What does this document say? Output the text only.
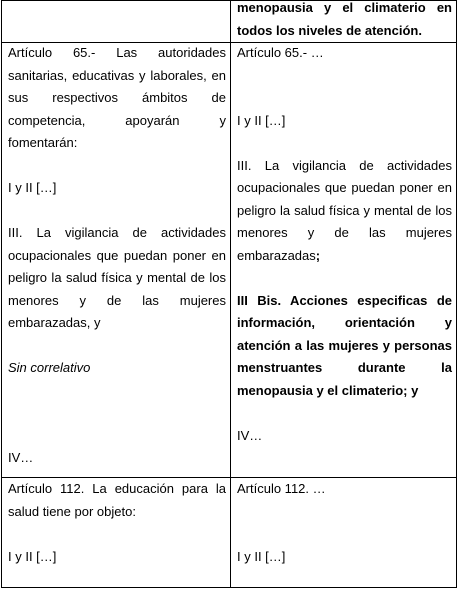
menopausia y el climaterio en todos los niveles de atención.

Artículo 65.- Las autoridades sanitarias, educativas y laborales, en sus respectivos ámbitos de competencia, apoyarán y fomentarán:

I y II […]

III. La vigilancia de actividades ocupacionales que puedan poner en peligro la salud física y mental de los menores y de las mujeres embarazadas, y

Sin correlativo

IV…

Artículo 65.- …

I y II […]

III. La vigilancia de actividades ocupacionales que puedan poner en peligro la salud física y mental de los menores y de las mujeres embarazadas;

III Bis. Acciones especificas de información, orientación y atención a las mujeres y personas menstruantes durante la menopausia y el climaterio; y

IV…

Artículo 112. La educación para la salud tiene por objeto:

I y II […]

Artículo 112. …

I y II […]
